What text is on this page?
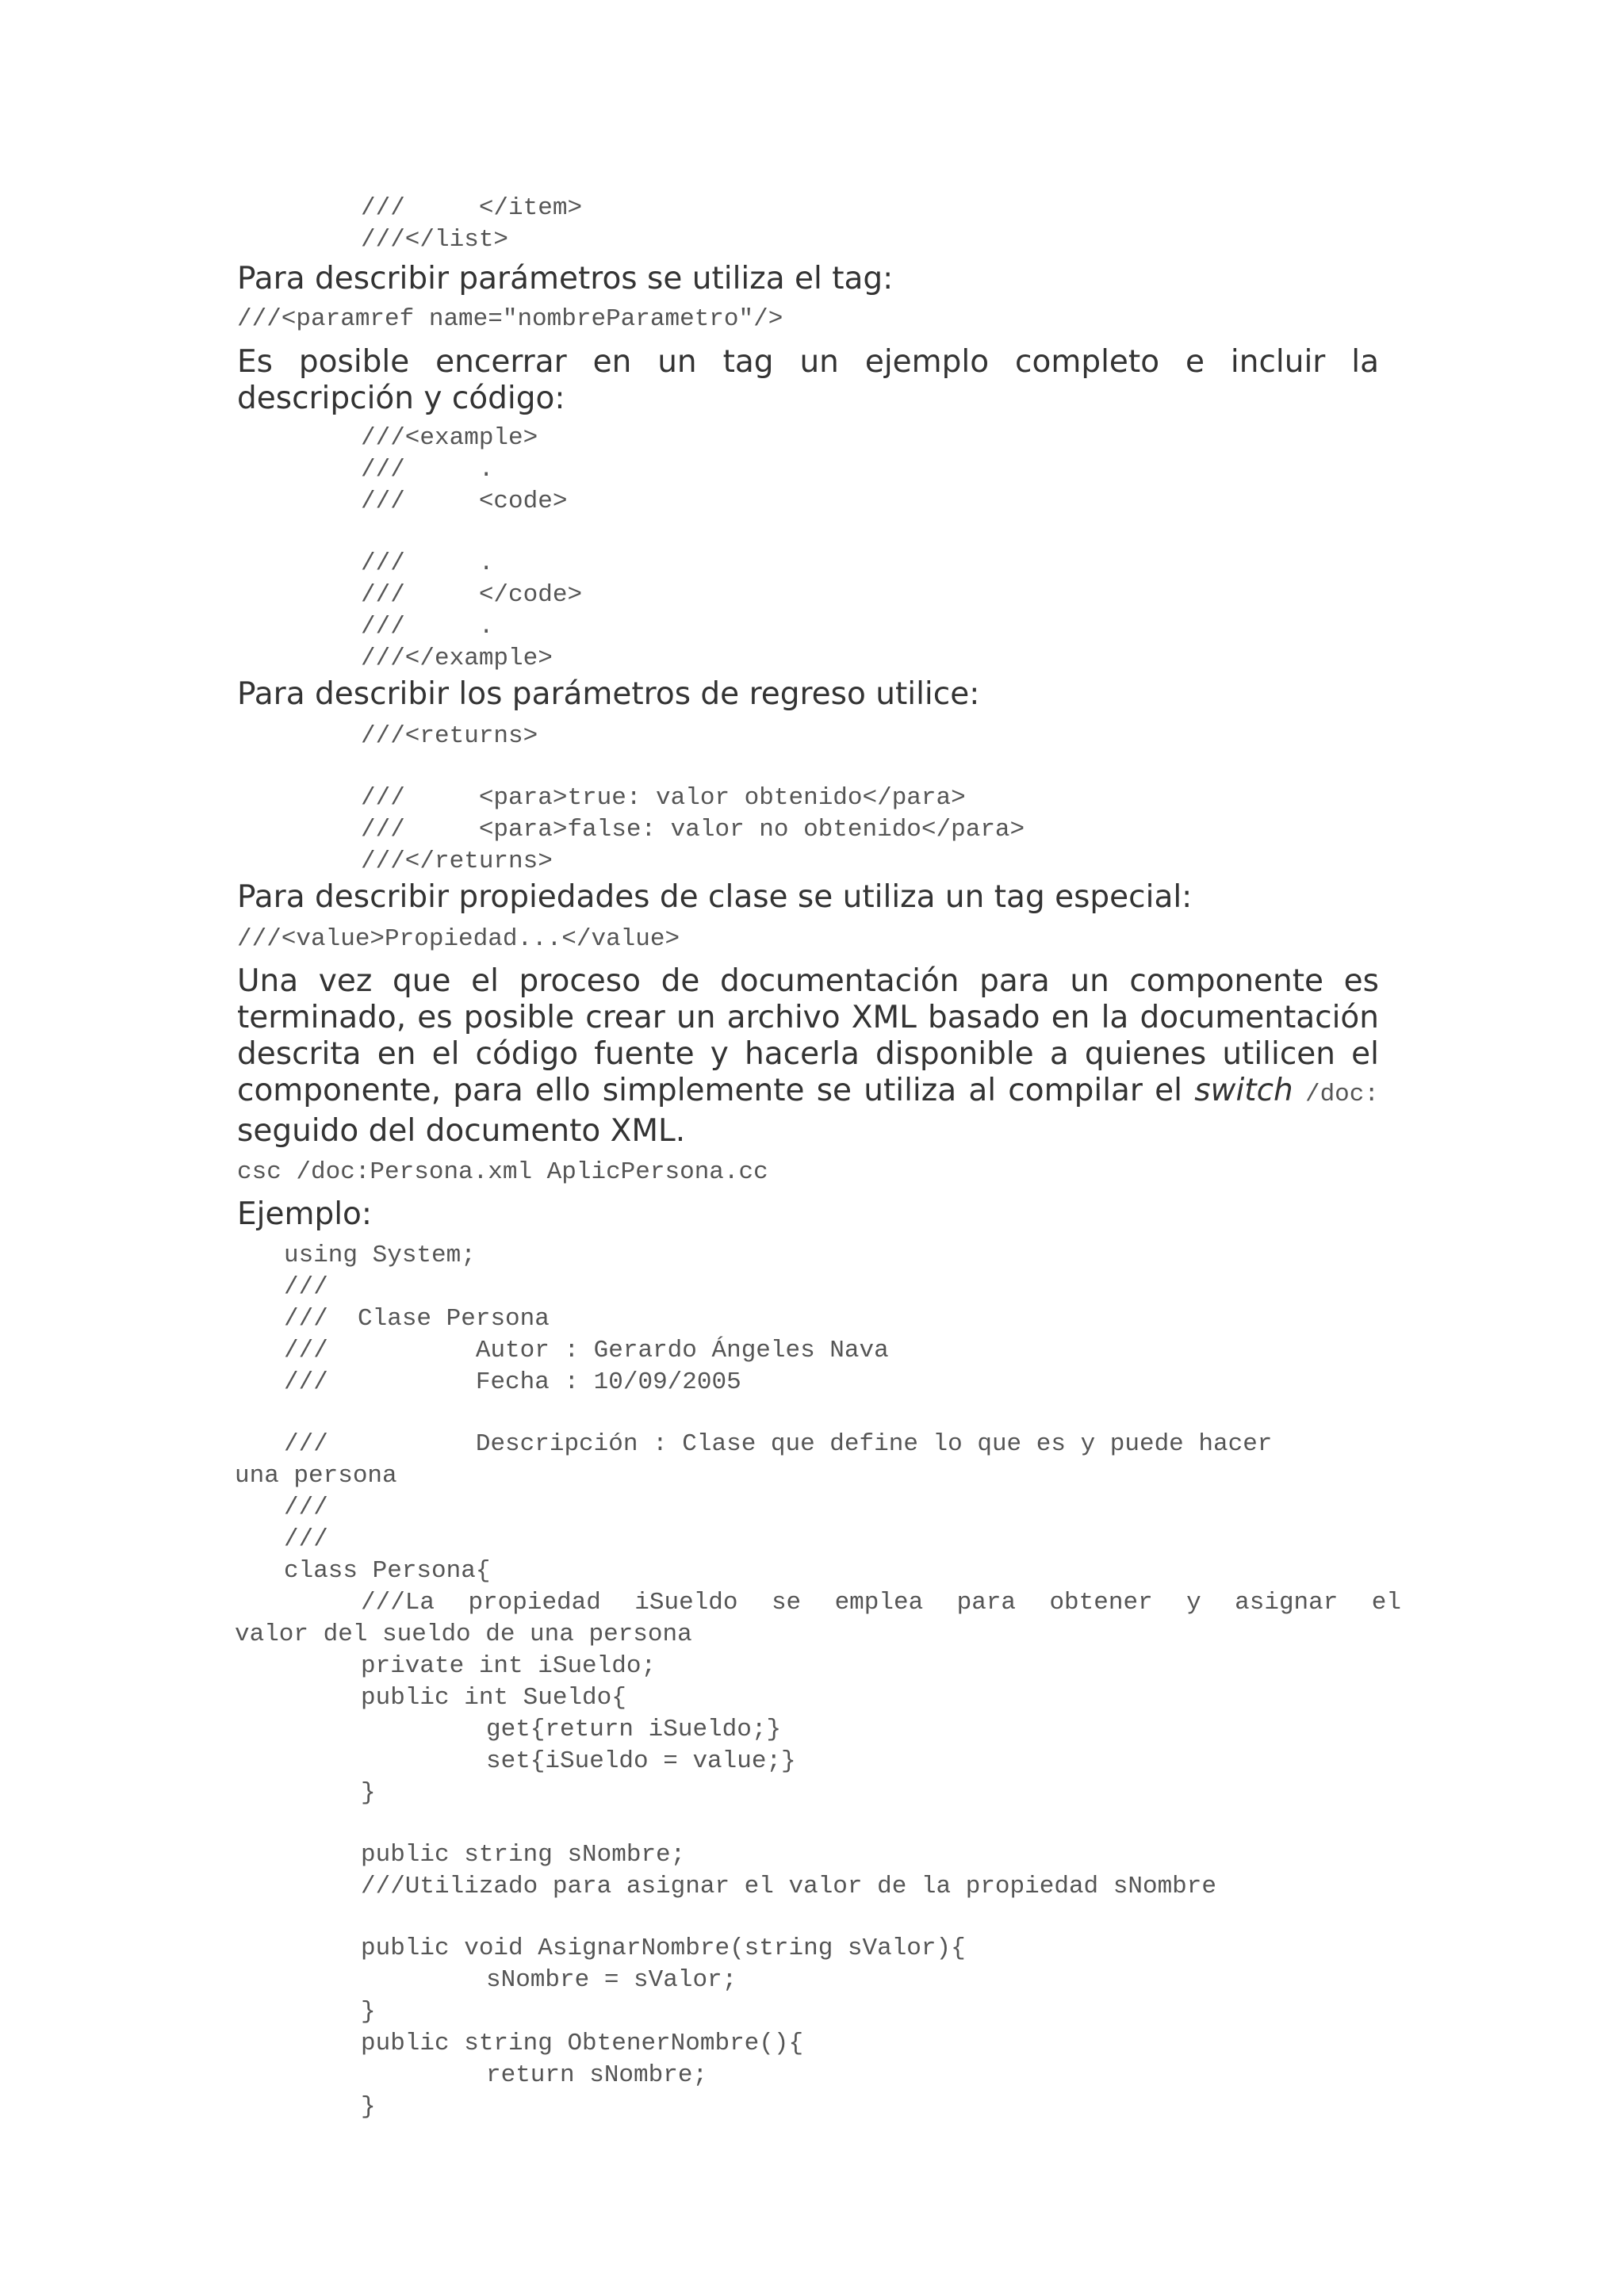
///     </item>
///</list>
Para describir parámetros se utiliza el tag:
///<paramref name="nombreParametro"/>
Es posible encerrar en un tag un ejemplo completo e incluir la descripción y código:
///<example>
///     .
///     <code>
///     .
///     </code>
///     .
///</example>
Para describir los parámetros de regreso utilice:
///<returns>
///     <para>true: valor obtenido</para>
///     <para>false: valor no obtenido</para>
///</returns>
Para describir propiedades de clase se utiliza un tag especial:
///<value>Propiedad...</value>
Una vez que el proceso de documentación para un componente es terminado, es posible crear un archivo XML basado en la documentación descrita en el código fuente y hacerla disponible a quienes utilicen el componente, para ello simplemente se utiliza al compilar el switch /doc: seguido del documento XML.
csc /doc:Persona.xml AplicPersona.cc
Ejemplo:
using System;
///
///  Clase Persona
///          Autor : Gerardo Ángeles Nava
///          Fecha : 10/09/2005
///          Descripción : Clase que define lo que es y puede hacer
una persona
///
///
class Persona{
///La propiedad iSueldo se emplea para obtener y asignar el
valor del sueldo de una persona
private int iSueldo;
public int Sueldo{
get{return iSueldo;}
set{iSueldo = value;}
}
public string sNombre;
///Utilizado para asignar el valor de la propiedad sNombre
public void AsignarNombre(string sValor){
sNombre = sValor;
}
public string ObtenerNombre(){
return sNombre;
}
